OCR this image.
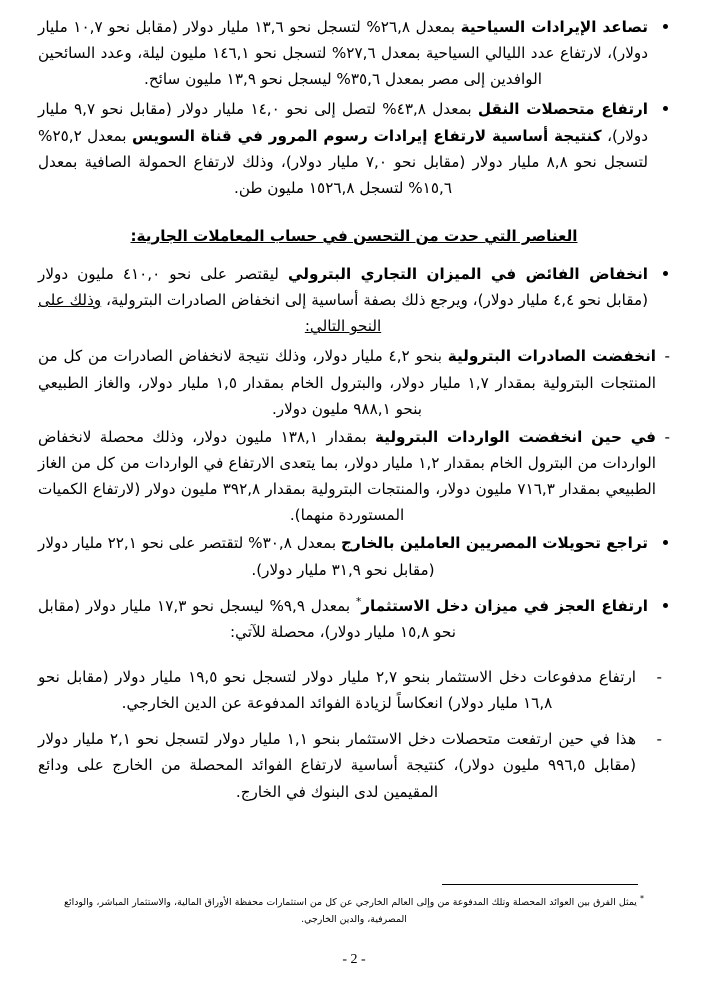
تصاعد الإيرادات السياحية بمعدل ٢٦,٨% لتسجل نحو ١٣,٦ مليار دولار (مقابل نحو ١٠,٧ مليار دولار)، لارتفاع عدد الليالي السياحية بمعدل ٢٧,٦% لتسجل نحو ١٤٦,١ مليون ليلة، وعدد السائحين الوافدين إلى مصر بمعدل ٣٥,٦% ليسجل نحو ١٣,٩ مليون سائح.

ارتفاع متحصلات النقل بمعدل ٤٣,٨% لتصل إلى نحو ١٤,٠ مليار دولار (مقابل نحو ٩,٧ مليار دولار)، كنتيجة أساسية لارتفاع إيرادات رسوم المرور في قناة السويس بمعدل ٢٥,٢% لتسجل نحو ٨,٨ مليار دولار (مقابل نحو ٧,٠ مليار دولار)، وذلك لارتفاع الحمولة الصافية بمعدل ١٥,٦% لتسجل ١٥٢٦,٨ مليون طن.

العناصر التي حدت من التحسن في حساب المعاملات الجارية:

انخفاض الفائض في الميزان التجاري البترولي ليقتصر على نحو ٤١٠,٠ مليون دولار (مقابل نحو ٤,٤ مليار دولار)، ويرجع ذلك بصفة أساسية إلى انخفاض الصادرات البترولية، وذلك على النحو التالي:

-

انخفضت الصادرات البترولية بنحو ٤,٢ مليار دولار، وذلك نتيجة لانخفاض الصادرات من كل من المنتجات البترولية بمقدار ١,٧ مليار دولار، والبترول الخام بمقدار ١,٥ مليار دولار، والغاز الطبيعي بنحو ٩٨٨,١ مليون دولار.

-

في حين انخفضت الواردات البترولية بمقدار ١٣٨,١ مليون دولار، وذلك محصلة لانخفاض الواردات من البترول الخام بمقدار ١,٢ مليار دولار، بما يتعدى الارتفاع في الواردات من كل من الغاز الطبيعي بمقدار ٧١٦,٣ مليون دولار، والمنتجات البترولية بمقدار ٣٩٢,٨ مليون دولار (لارتفاع الكميات المستوردة منهما).

تراجع تحويلات المصريين العاملين بالخارج بمعدل ٣٠,٨% لتقتصر على نحو ٢٢,١ مليار دولار (مقابل نحو ٣١,٩ مليار دولار).

ارتفاع العجز في ميزان دخل الاستثمار* بمعدل ٩,٩% ليسجل نحو ١٧,٣ مليار دولار (مقابل نحو ١٥,٨ مليار دولار)، محصلة للآتي:

-

ارتفاع مدفوعات دخل الاستثمار بنحو ٢,٧ مليار دولار لتسجل نحو ١٩,٥ مليار دولار (مقابل نحو ١٦,٨ مليار دولار) انعكاساً لزيادة الفوائد المدفوعة عن الدين الخارجي.

-

هذا في حين ارتفعت متحصلات دخل الاستثمار بنحو ١,١ مليار دولار لتسجل نحو ٢,١ مليار دولار (مقابل ٩٩٦,٥ مليون دولار)، كنتيجة أساسية لارتفاع الفوائد المحصلة من الخارج على ودائع المقيمين لدى البنوك في الخارج.

* يمثل الفرق بين العوائد المحصلة وتلك المدفوعة من وإلى العالم الخارجي عن كل من استثمارات محفظة الأوراق المالية، والاستثمار المباشر، والودائع المصرفية، والدين الخارجي.

- 2 -
